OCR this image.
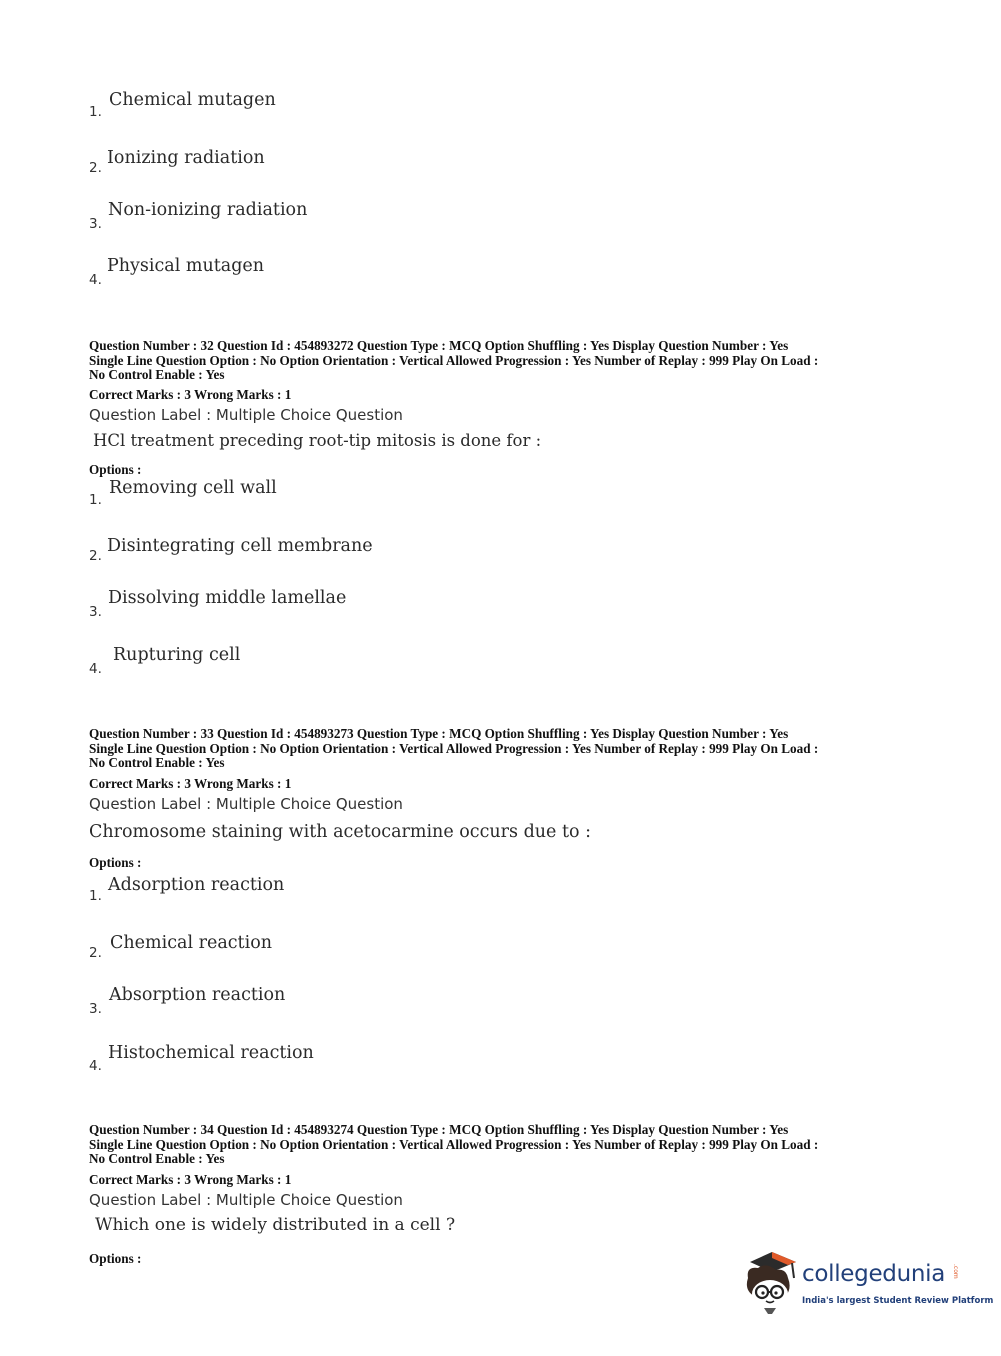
1.
Chemical mutagen
2. Ionizing radiation
3.
Non-ionizing radiation
4.
Physical mutagen
Question Number : 32 Question Id : 454893272 Question Type : MCQ Option Shuffling : Yes Display Question Number : Yes
Single Line Question Option : No Option Orientation : Vertical Allowed Progression : Yes Number of Replay : 999 Play On Load :
No Control Enable : Yes
Correct Marks : 3 Wrong Marks : 1
Question Label : Multiple Choice Question
HCl treatment preceding root-tip mitosis is done for :
Options :
1.
Removing cell wall
2. Disintegrating cell membrane
3.
Dissolving middle lamellae
4.
Rupturing cell
Question Number : 33 Question Id : 454893273 Question Type : MCQ Option Shuffling : Yes Display Question Number : Yes
Single Line Question Option : No Option Orientation : Vertical Allowed Progression : Yes Number of Replay : 999 Play On Load :
No Control Enable : Yes
Correct Marks : 3 Wrong Marks : 1
Question Label : Multiple Choice Question
Chromosome staining with acetocarmine occurs due to :
Options :
1.
Adsorption reaction
2. Chemical reaction
3.
Absorption reaction
4.
Histochemical reaction
Question Number : 34 Question Id : 454893274 Question Type : MCQ Option Shuffling : Yes Display Question Number : Yes
Single Line Question Option : No Option Orientation : Vertical Allowed Progression : Yes Number of Replay : 999 Play On Load :
No Control Enable : Yes
Correct Marks : 3 Wrong Marks : 1
Question Label : Multiple Choice Question
Which one is widely distributed in a cell ?
Options :
collegedunia .com
India's largest Student Review Platform
